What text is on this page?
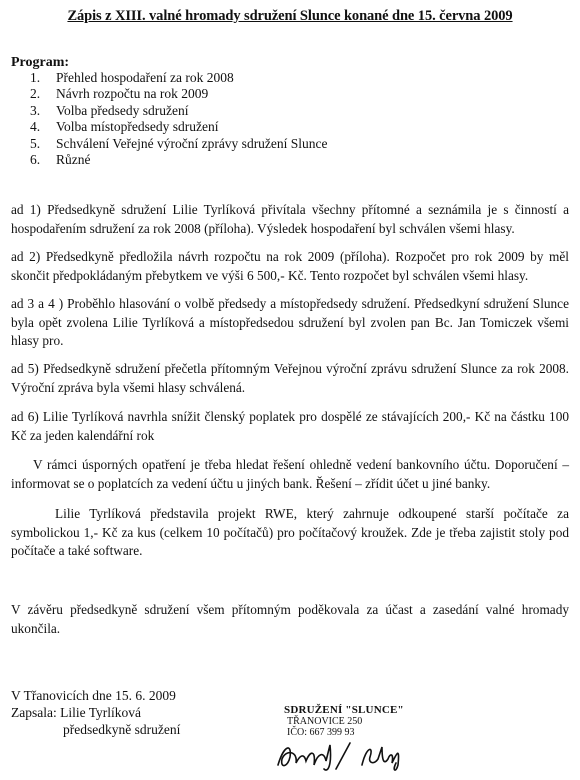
Zápis z XIII. valné hromady sdružení Slunce konané dne 15. června 2009
Program:
1.	Přehled hospodaření za rok 2008
2.	Návrh rozpočtu na rok 2009
3.	Volba předsedy sdružení
4.	Volba místopředsedy sdružení
5.	Schválení Veřejné výroční zprávy sdružení Slunce
6.	Různé
ad 1) Předsedkyně sdružení Lilie Tyrlíková přivítala všechny přítomné a seznámila je s činností a hospodařením sdružení za rok 2008 (příloha). Výsledek hospodaření byl schválen všemi hlasy.
ad 2) Předsedkyně předložila návrh rozpočtu na rok 2009 (příloha). Rozpočet pro rok 2009 by měl skončit předpokládaným přebytkem ve výši 6 500,- Kč. Tento rozpočet byl schválen všemi hlasy.
ad 3 a 4 ) Proběhlo hlasování o volbě předsedy a místopředsedy sdružení. Předsedkyní sdružení Slunce byla opět zvolena Lilie Tyrlíková a místopředsedou sdružení byl zvolen pan Bc. Jan Tomiczek všemi hlasy pro.
ad 5) Předsedkyně sdružení přečetla přítomným Veřejnou výroční zprávu sdružení Slunce za rok 2008. Výroční zpráva byla všemi hlasy schválená.
ad 6) Lilie Tyrlíková navrhla snížit členský poplatek pro dospělé ze stávajících 200,- Kč na částku 100 Kč za jeden kalendářní rok
V rámci úsporných opatření je třeba hledat řešení ohledně vedení bankovního účtu. Doporučení – informovat se o poplatcích za vedení účtu u jiných bank. Řešení – zřídit účet u jiné banky.
Lilie Tyrlíková představila projekt RWE, který zahrnuje odkoupené starší počítače za symbolickou 1,- Kč za kus (celkem 10 počítačů) pro počítačový kroužek. Zde je třeba zajistit stoly pod počítače a také software.
V závěru předsedkyně sdružení všem přítomným poděkovala za účast a zasedání valné hromady ukončila.
V Třanovicích dne 15. 6. 2009
Zapsala: Lilie Tyrlíková
předsedkyně sdružení
SDRUŽENÍ "SLUNCE"
TŘANOVICE 250
IČO: 667 399 93
